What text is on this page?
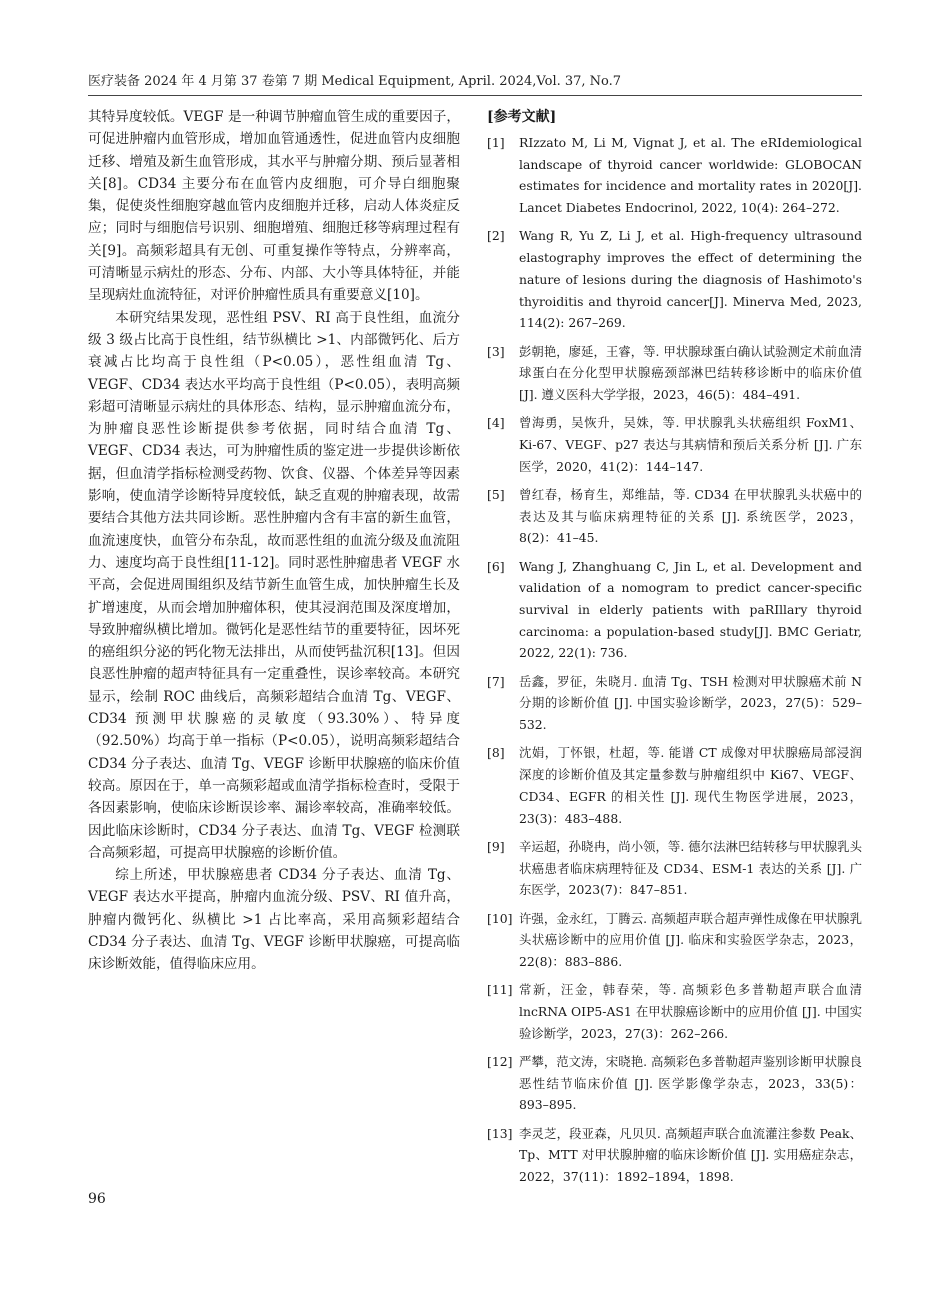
医疗装备 2024 年 4 月第 37 卷第 7 期 Medical Equipment, April. 2024,Vol. 37, No.7

其特异度较低。VEGF 是一种调节肿瘤血管生成的重要因子，可促进肿瘤内血管形成，增加血管通透性，促进血管内皮细胞迁移、增殖及新生血管形成，其水平与肿瘤分期、预后显著相关[8]。CD34 主要分布在血管内皮细胞，可介导白细胞聚集，促使炎性细胞穿越血管内皮细胞并迁移，启动人体炎症反应；同时与细胞信号识别、细胞增殖、细胞迁移等病理过程有关[9]。高频彩超具有无创、可重复操作等特点，分辨率高，可清晰显示病灶的形态、分布、内部、大小等具体特征，并能呈现病灶血流特征，对评价肿瘤性质具有重要意义[10]。

本研究结果发现，恶性组 PSV、RI 高于良性组，血流分级 3 级占比高于良性组，结节纵横比 >1、内部微钙化、后方衰减占比均高于良性组（P<0.05），恶性组血清 Tg、VEGF、CD34 表达水平均高于良性组（P<0.05），表明高频彩超可清晰显示病灶的具体形态、结构，显示肿瘤血流分布，为肿瘤良恶性诊断提供参考依据，同时结合血清 Tg、VEGF、CD34 表达，可为肿瘤性质的鉴定进一步提供诊断依据，但血清学指标检测受药物、饮食、仪器、个体差异等因素影响，使血清学诊断特异度较低，缺乏直观的肿瘤表现，故需要结合其他方法共同诊断。恶性肿瘤内含有丰富的新生血管，血流速度快，血管分布杂乱，故而恶性组的血流分级及血流阻力、速度均高于良性组[11-12]。同时恶性肿瘤患者 VEGF 水平高，会促进周围组织及结节新生血管生成，加快肿瘤生长及扩增速度，从而会增加肿瘤体积，使其浸润范围及深度增加，导致肿瘤纵横比增加。微钙化是恶性结节的重要特征，因坏死的癌组织分泌的钙化物无法排出，从而使钙盐沉积[13]。但因良恶性肿瘤的超声特征具有一定重叠性，误诊率较高。本研究显示，绘制 ROC 曲线后，高频彩超结合血清 Tg、VEGF、CD34 预测甲状腺癌的灵敏度（93.30%）、特异度（92.50%）均高于单一指标（P<0.05），说明高频彩超结合 CD34 分子表达、血清 Tg、VEGF 诊断甲状腺癌的临床价值较高。原因在于，单一高频彩超或血清学指标检查时，受限于各因素影响，使临床诊断误诊率、漏诊率较高，准确率较低。因此临床诊断时，CD34 分子表达、血清 Tg、VEGF 检测联合高频彩超，可提高甲状腺癌的诊断价值。

综上所述，甲状腺癌患者 CD34 分子表达、血清 Tg、VEGF 表达水平提高，肿瘤内血流分级、PSV、RI 值升高，肿瘤内微钙化、纵横比 >1 占比率高，采用高频彩超结合 CD34 分子表达、血清 Tg、VEGF 诊断甲状腺癌，可提高临床诊断效能，值得临床应用。

[参考文献]
[1]	RIzzato M, Li M, Vignat J, et al. The eRIdemiological landscape of thyroid cancer worldwide: GLOBOCAN estimates for incidence and mortality rates in 2020[J]. Lancet Diabetes Endocrinol, 2022, 10(4): 264–272.
[2]	Wang R, Yu Z, Li J, et al. High-frequency ultrasound elastography improves the effect of determining the nature of lesions during the diagnosis of Hashimoto's thyroiditis and thyroid cancer[J]. Minerva Med, 2023, 114(2): 267–269.
[3]	彭朝艳，廖延，王睿，等. 甲状腺球蛋白确认试验测定术前血清球蛋白在分化型甲状腺癌颈部淋巴结转移诊断中的临床价值 [J]. 遵义医科大学学报，2023，46(5)：484–491.
[4]	曾海勇，吴恢升，吴姝，等. 甲状腺乳头状癌组织 FoxM1、Ki-67、VEGF、p27 表达与其病情和预后关系分析 [J]. 广东医学，2020，41(2)：144–147.
[5]	曾红春，杨育生，郑维喆，等. CD34 在甲状腺乳头状癌中的表达及其与临床病理特征的关系 [J]. 系统医学，2023，8(2)：41–45.
[6]	Wang J, Zhanghuang C, Jin L, et al. Development and validation of a nomogram to predict cancer-specific survival in elderly patients with paRIllary thyroid carcinoma: a population-based study[J]. BMC Geriatr, 2022, 22(1): 736.
[7]	岳鑫，罗征，朱晓月. 血清 Tg、TSH 检测对甲状腺癌术前 N 分期的诊断价值 [J]. 中国实验诊断学，2023，27(5)：529–532.
[8]	沈娟，丁怀银，杜超，等. 能谱 CT 成像对甲状腺癌局部浸润深度的诊断价值及其定量参数与肿瘤组织中 Ki67、VEGF、CD34、EGFR 的相关性 [J]. 现代生物医学进展，2023，23(3)：483–488.
[9]	辛运超，孙晓冉，尚小领，等. 德尔法淋巴结转移与甲状腺乳头状癌患者临床病理特征及 CD34、ESM-1 表达的关系 [J]. 广东医学，2023(7)：847–851.
[10] 许强，金永红，丁腾云. 高频超声联合超声弹性成像在甲状腺乳头状癌诊断中的应用价值 [J]. 临床和实验医学杂志，2023，22(8)：883–886.
[11] 常新，汪金，韩春荣，等. 高频彩色多普勒超声联合血清 lncRNA OIP5-AS1 在甲状腺癌诊断中的应用价值 [J]. 中国实验诊断学，2023，27(3)：262–266.
[12] 严攀，范文涛，宋晓艳. 高频彩色多普勒超声鉴别诊断甲状腺良恶性结节临床价值 [J]. 医学影像学杂志，2023，33(5)：893–895.
[13] 李灵芝，段亚森，凡贝贝. 高频超声联合血流灌注参数 Peak、Tp、MTT 对甲状腺肿瘤的临床诊断价值 [J]. 实用癌症杂志，2022，37(11)：1892–1894，1898.
96
